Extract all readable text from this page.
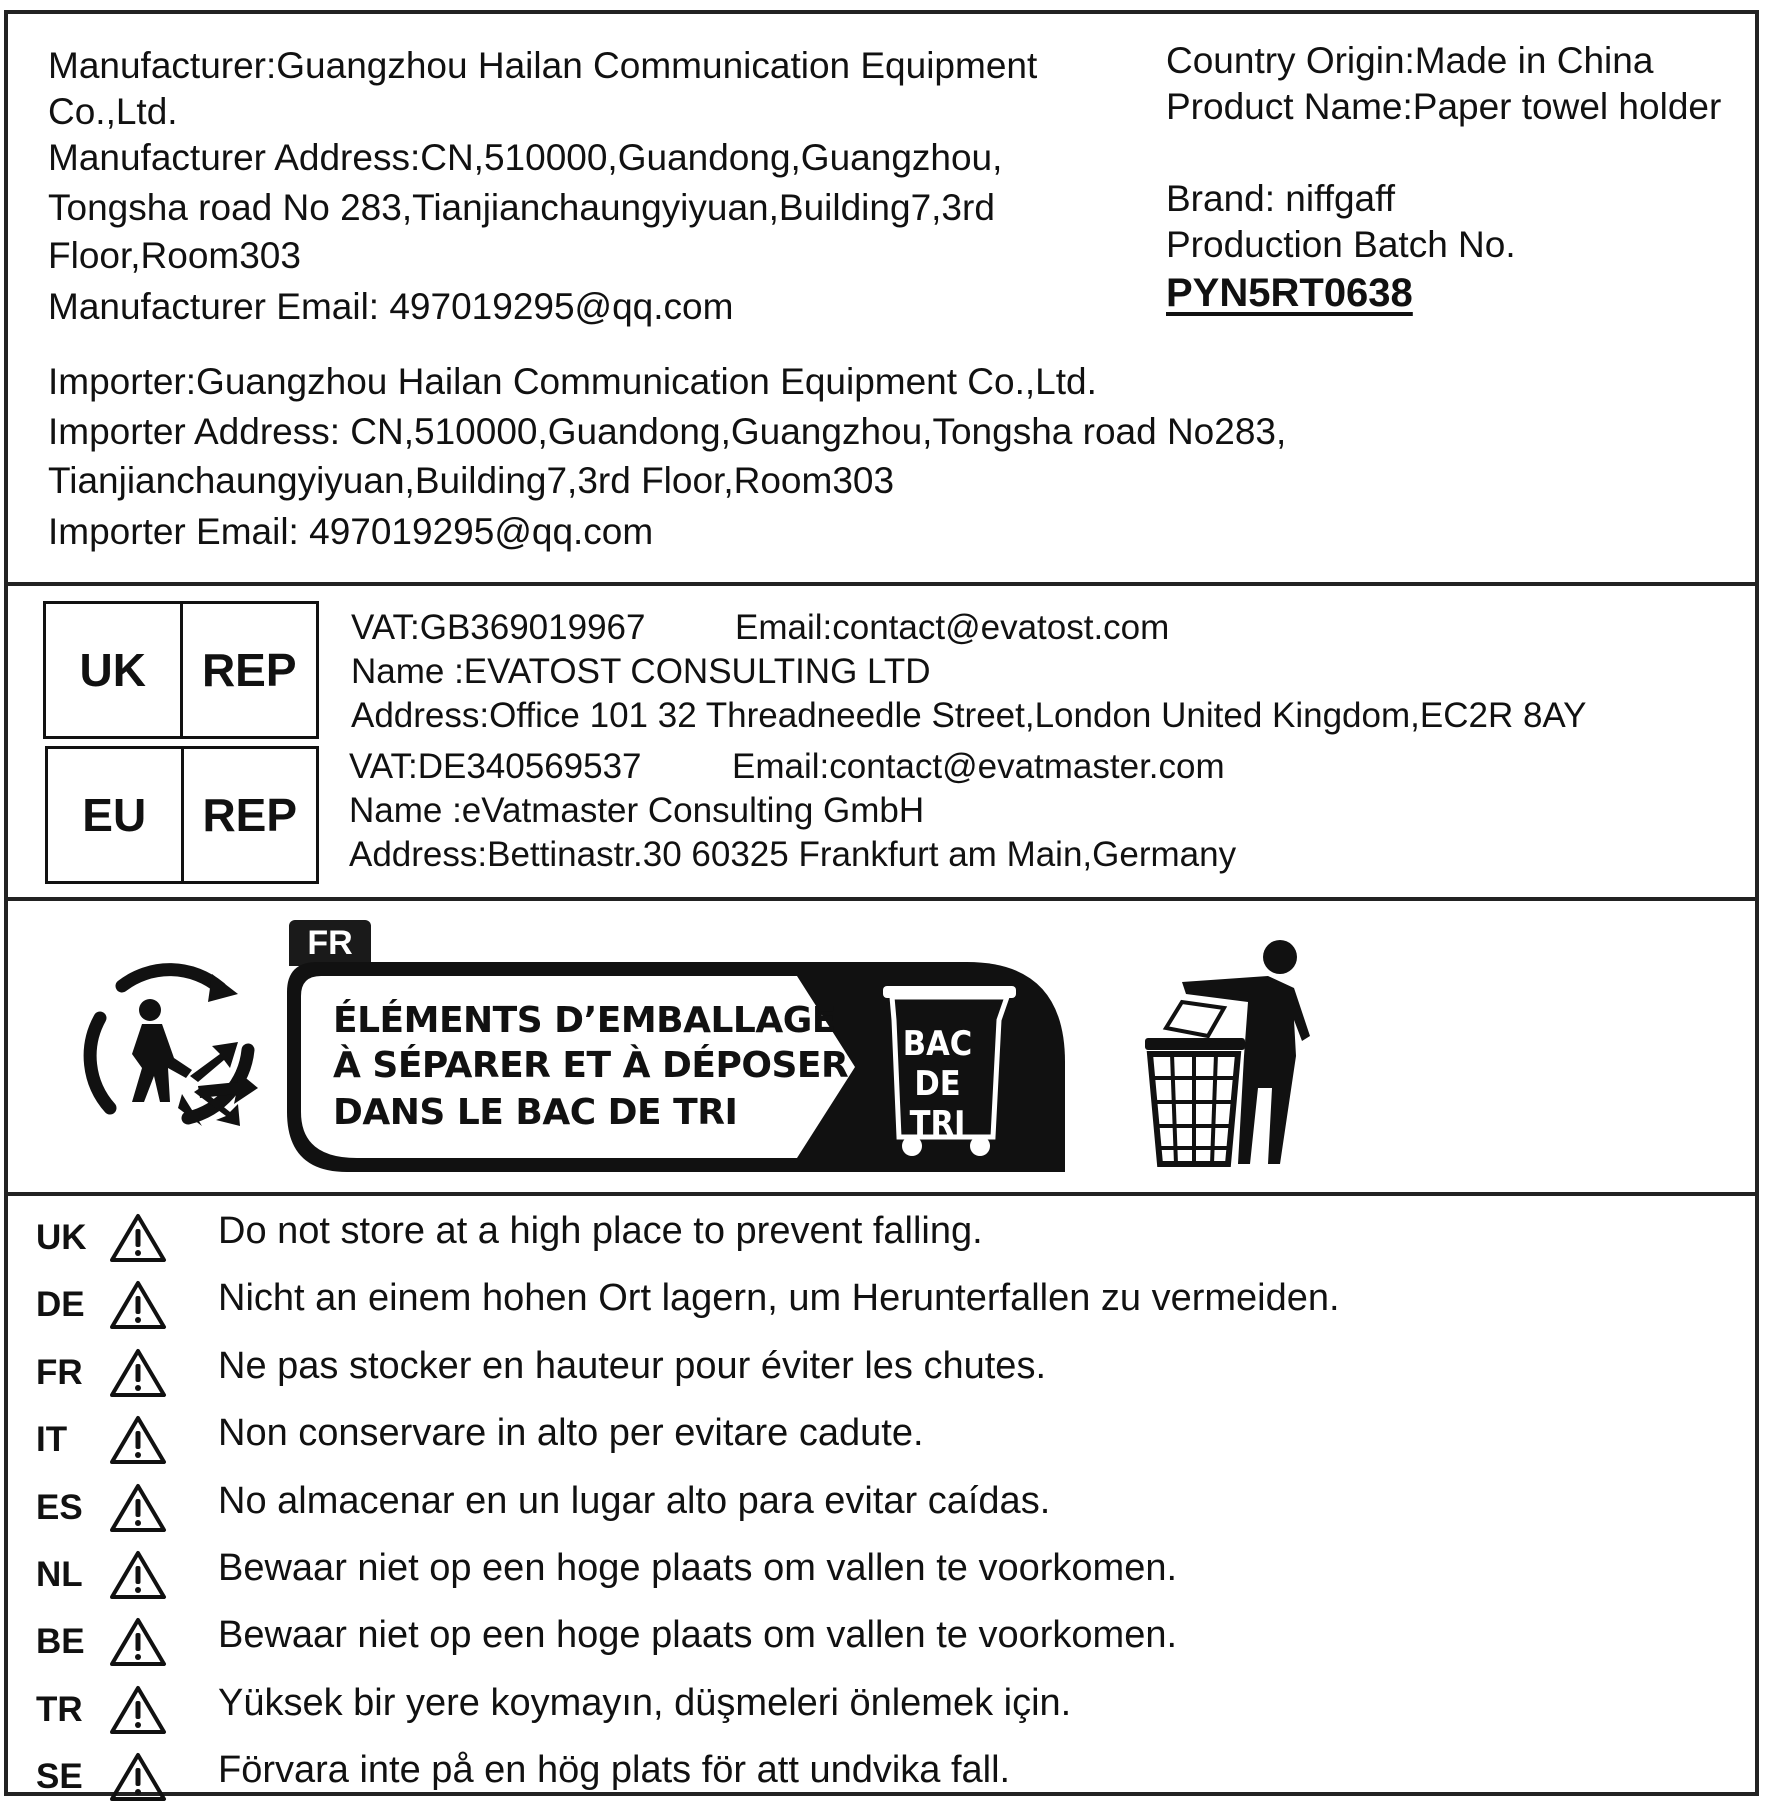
Manufacturer:Guangzhou Hailan Communication Equipment
Co.,Ltd.
Manufacturer Address:CN,510000,Guandong,Guangzhou,
Tongsha road No 283,Tianjianchaungyiyuan,Building7,3rd
Floor,Room303
Manufacturer Email: 497019295@qq.com
Country Origin:Made in China
Product Name:Paper towel holder
Brand: niffgaff
Production Batch No.
PYN5RT0638
Importer:Guangzhou Hailan Communication Equipment Co.,Ltd.
Importer Address: CN,510000,Guandong,Guangzhou,Tongsha road No283,
Tianjianchaungyiyuan,Building7,3rd Floor,Room303
Importer Email: 497019295@qq.com
UK	REP
VAT:GB369019967	Email:contact@evatost.com
Name :EVATOST CONSULTING LTD
Address:Office 101 32 Threadneedle Street,London United Kingdom,EC2R 8AY
EU	REP
VAT:DE340569537	Email:contact@evatmaster.com
Name :eVatmaster Consulting GmbH
Address:Bettinastr.30 60325 Frankfurt am Main,Germany
FR
ÉLÉMENTS D’EMBALLAGE
À SÉPARER ET À DÉPOSER
DANS LE BAC DE TRI
BAC
DE
TRI
UK	Do not store at a high place to prevent falling.
DE	Nicht an einem hohen Ort lagern, um Herunterfallen zu vermeiden.
FR	Ne pas stocker en hauteur pour éviter les chutes.
IT	Non conservare in alto per evitare cadute.
ES	No almacenar en un lugar alto para evitar caídas.
NL	Bewaar niet op een hoge plaats om vallen te voorkomen.
BE	Bewaar niet op een hoge plaats om vallen te voorkomen.
TR	Yüksek bir yere koymayın, düşmeleri önlemek için.
SE	Förvara inte på en hög plats för att undvika fall.
